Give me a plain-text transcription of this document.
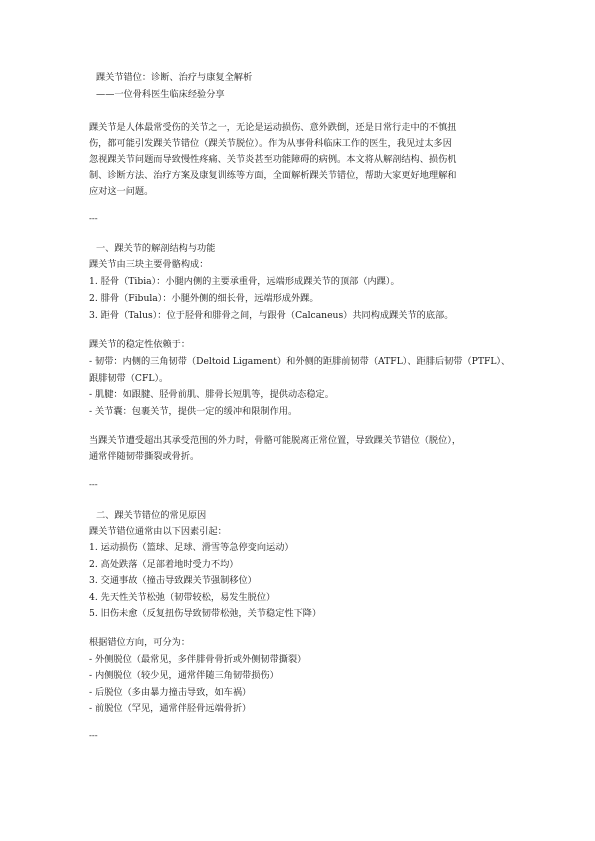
踝关节错位：诊断、治疗与康复全解析
——一位骨科医生临床经验分享
踝关节是人体最常受伤的关节之一，无论是运动损伤、意外跌倒，还是日常行走中的不慎扭
伤，都可能引发踝关节错位（踝关节脱位）。作为从事骨科临床工作的医生，我见过太多因
忽视踝关节问题而导致慢性疼痛、关节炎甚至功能障碍的病例。本文将从解剖结构、损伤机
制、诊断方法、治疗方案及康复训练等方面，全面解析踝关节错位，帮助大家更好地理解和
应对这一问题。
---
一、踝关节的解剖结构与功能
踝关节由三块主要骨骼构成：
1. 胫骨（Tibia）：小腿内侧的主要承重骨，远端形成踝关节的顶部（内踝）。
2. 腓骨（Fibula）：小腿外侧的细长骨，远端形成外踝。
3. 距骨（Talus）：位于胫骨和腓骨之间，与跟骨（Calcaneus）共同构成踝关节的底部。
踝关节的稳定性依赖于：
- 韧带：内侧的三角韧带（Deltoid Ligament）和外侧的距腓前韧带（ATFL）、距腓后韧带（PTFL）、
跟腓韧带（CFL）。
- 肌腱：如跟腱、胫骨前肌、腓骨长短肌等，提供动态稳定。
- 关节囊：包裹关节，提供一定的缓冲和限制作用。
当踝关节遭受超出其承受范围的外力时，骨骼可能脱离正常位置，导致踝关节错位（脱位），
通常伴随韧带撕裂或骨折。
---
二、踝关节错位的常见原因
踝关节错位通常由以下因素引起：
1. 运动损伤（篮球、足球、滑雪等急停变向运动）
2. 高处跌落（足部着地时受力不均）
3. 交通事故（撞击导致踝关节强制移位）
4. 先天性关节松弛（韧带较松，易发生脱位）
5. 旧伤未愈（反复扭伤导致韧带松弛，关节稳定性下降）
根据错位方向，可分为：
- 外侧脱位（最常见，多伴腓骨骨折或外侧韧带撕裂）
- 内侧脱位（较少见，通常伴随三角韧带损伤）
- 后脱位（多由暴力撞击导致，如车祸）
- 前脱位（罕见，通常伴胫骨远端骨折）
---
